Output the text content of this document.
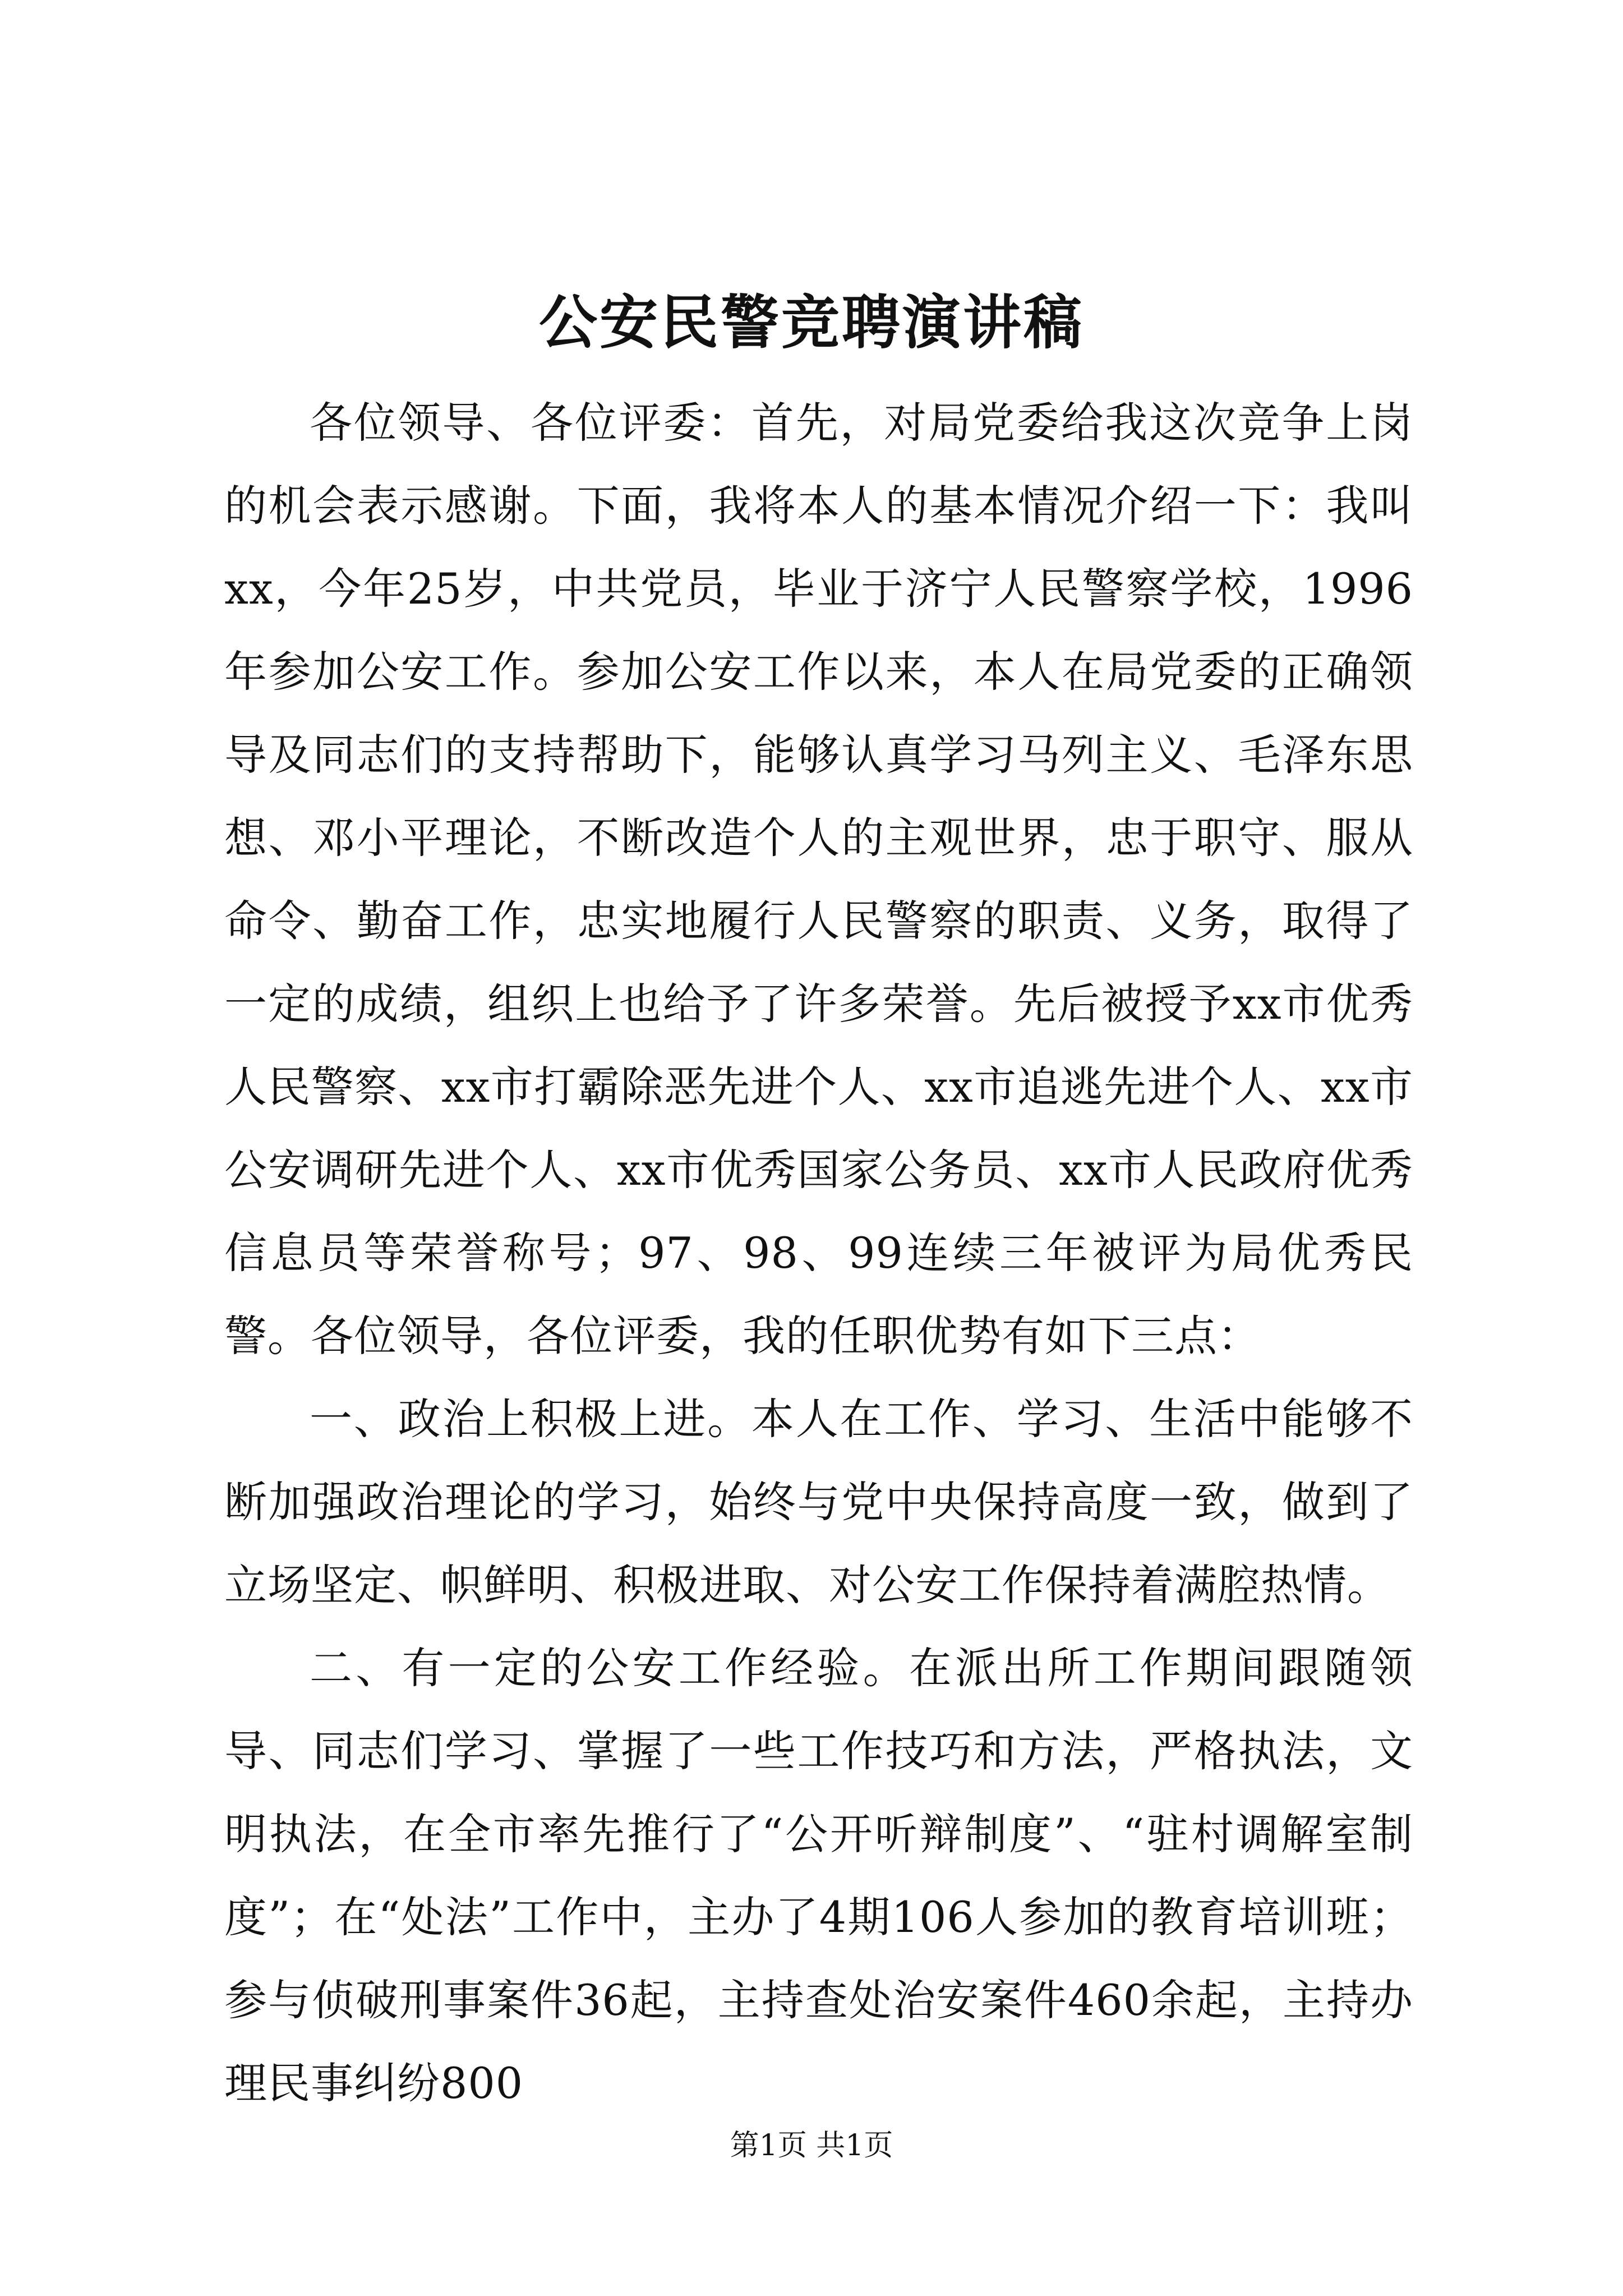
公安民警竞聘演讲稿

各位领导、各位评委：首先，对局党委给我这次竞争上岗的机会表示感谢。下面，我将本人的基本情况介绍一下：我叫xx，今年25岁，中共党员，毕业于济宁人民警察学校，1996年参加公安工作。参加公安工作以来，本人在局党委的正确领导及同志们的支持帮助下，能够认真学习马列主义、毛泽东思想、邓小平理论，不断改造个人的主观世界，忠于职守、服从命令、勤奋工作，忠实地履行人民警察的职责、义务，取得了一定的成绩，组织上也给予了许多荣誉。先后被授予xx市优秀人民警察、xx市打霸除恶先进个人、xx市追逃先进个人、xx市公安调研先进个人、xx市优秀国家公务员、xx市人民政府优秀信息员等荣誉称号；97、98、99连续三年被评为局优秀民警。各位领导，各位评委，我的任职优势有如下三点：

一、政治上积极上进。本人在工作、学习、生活中能够不断加强政治理论的学习，始终与党中央保持高度一致，做到了立场坚定、帜鲜明、积极进取、对公安工作保持着满腔热情。

二、有一定的公安工作经验。在派出所工作期间跟随领导、同志们学习、掌握了一些工作技巧和方法，严格执法，文明执法，在全市率先推行了“公开听辩制度”、“驻村调解室制度”；在“处法”工作中，主办了4期106人参加的教育培训班；参与侦破刑事案件36起，主持查处治安案件460余起，主持办理民事纠纷800

第1页 共1页
